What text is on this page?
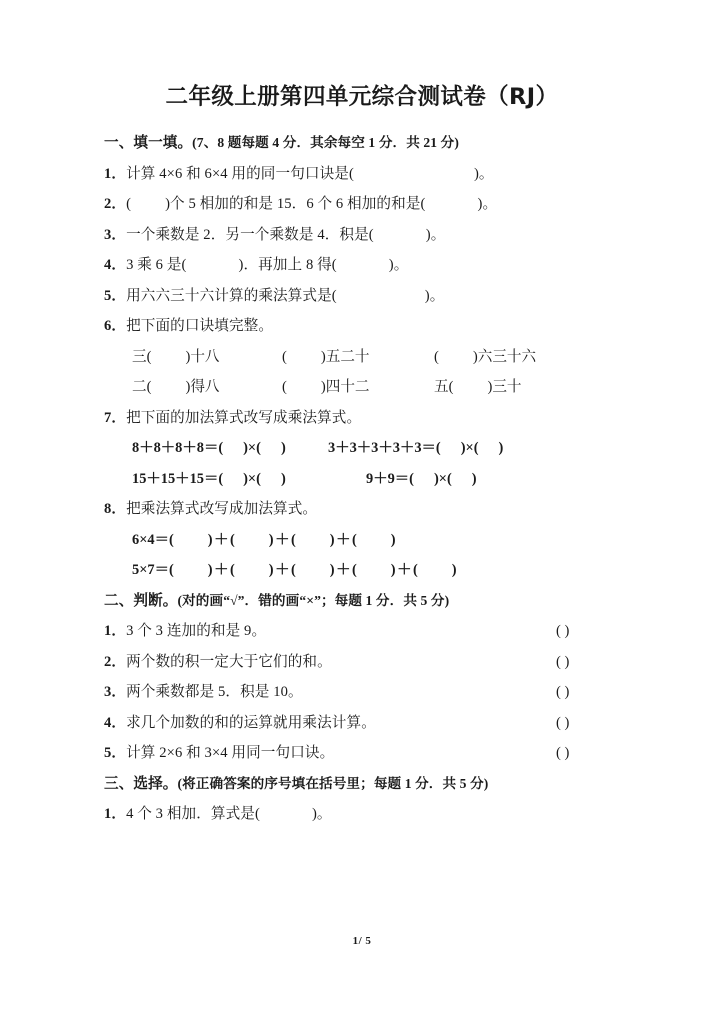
二年级上册第四单元综合测试卷（RJ）
一、填一填。(7、8 题每题 4 分．其余每空 1 分．共 21 分)
1．计算 4×6 和 6×4 用的同一句口诀是(	)。
2．( )个 5 相加的和是 15．6 个 6 相加的和是(	)。
3．一个乘数是 2．另一个乘数是 4．积是(	)。
4．3 乘 6 是(	)．再加上 8 得(	)。
5．用六六三十六计算的乘法算式是(	)。
6．把下面的口诀填完整。
三( )十八	( )五二十	( )六三十六
二( )得八	( )四十二	五( )三十
7．把下面的加法算式改写成乘法算式。
8＋8＋8＋8＝( )×( )	3＋3＋3＋3＋3＝( )×( )
15＋15＋15＝( )×( )	9＋9＝( )×( )
8．把乘法算式改写成加法算式。
6×4＝( ) ＋ ( ) ＋ ( ) ＋ ( )
5×7＝( ) ＋ ( ) ＋ ( ) ＋ ( ) ＋ ( )
二、判断。(对的画“√”．错的画“×”；每题 1 分．共 5 分)
1．3 个 3 连加的和是 9。	( )
2．两个数的积一定大于它们的和。	( )
3．两个乘数都是 5．积是 10。	( )
4．求几个加数的和的运算就用乘法计算。	( )
5．计算 2×6 和 3×4 用同一句口诀。	( )
三、选择。(将正确答案的序号填在括号里；每题 1 分．共 5 分)
1．4 个 3 相加．算式是(	)。
1/ 5
